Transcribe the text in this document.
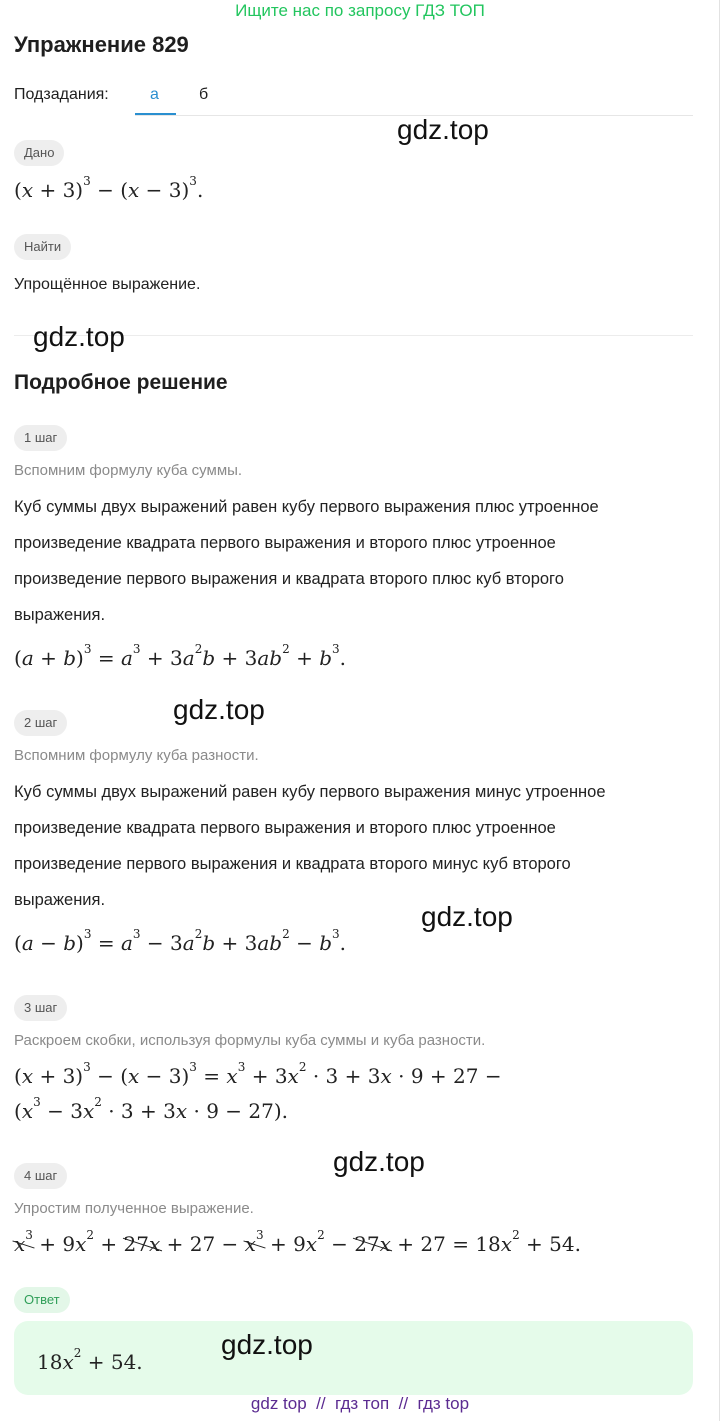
Ищите нас по запросу ГДЗ ТОП
Упражнение 829
Подзадания:	а	б
Дано
$(x + 3)^3 - (x - 3)^3$.
Найти
Упрощённое выражение.
Подробное решение
1 шаг
Вспомним формулу куба суммы.
Куб суммы двух выражений равен кубу первого выражения плюс утроенное
произведение квадрата первого выражения и второго плюс утроенное
произведение первого выражения и квадрата второго плюс куб второго
выражения.
$(a + b)^3 = a^3 + 3a^2b + 3ab^2 + b^3$.
2 шаг
Вспомним формулу куба разности.
Куб суммы двух выражений равен кубу первого выражения минус утроенное
произведение квадрата первого выражения и второго плюс утроенное
произведение первого выражения и квадрата второго минус куб второго
выражения.
$(a - b)^3 = a^3 - 3a^2b + 3ab^2 - b^3$.
3 шаг
Раскроем скобки, используя формулы куба суммы и куба разности.
$(x + 3)^3 - (x - 3)^3 = x^3 + 3x^2 \cdot 3 + 3x \cdot 9 + 27$ −
$(x^3 - 3x^2 \cdot 3 + 3x \cdot 9 - 27)$.
4 шаг
Упростим полученное выражение.
$x^3 + 9x^2 + 27x + 27 - x^3 + 9x^2 - 27x + 27 = 18x^2 + 54$.
Ответ
$18x^2 + 54$.
gdz.top
gdz.top
gdz.top
gdz.top
gdz.top
gdz.top
gdz top // гдз топ // гдз top
